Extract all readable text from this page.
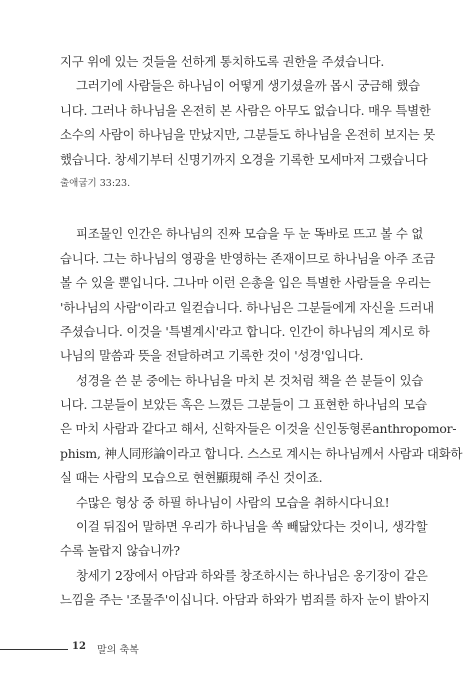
지구 위에 있는 것들을 선하게 통치하도록 권한을 주셨습니다.
그러기에 사람들은 하나님이 어떻게 생기셨을까 몹시 궁금해 했습
니다. 그러나 하나님을 온전히 본 사람은 아무도 없습니다. 매우 특별한
소수의 사람이 하나님을 만났지만, 그분들도 하나님을 온전히 보지는 못
했습니다. 창세기부터 신명기까지 오경을 기록한 모세마저 그랬습니다
출애굽기 33:23.
피조물인 인간은 하나님의 진짜 모습을 두 눈 똑바로 뜨고 볼 수 없
습니다. 그는 하나님의 영광을 반영하는 존재이므로 하나님을 아주 조금
볼 수 있을 뿐입니다. 그나마 이런 은총을 입은 특별한 사람들을 우리는
'하나님의 사람'이라고 일컫습니다. 하나님은 그분들에게 자신을 드러내
주셨습니다. 이것을 '특별계시'라고 합니다. 인간이 하나님의 계시로 하
나님의 말씀과 뜻을 전달하려고 기록한 것이 '성경'입니다.
성경을 쓴 분 중에는 하나님을 마치 본 것처럼 책을 쓴 분들이 있습
니다. 그분들이 보았든 혹은 느꼈든 그분들이 그 표현한 하나님의 모습
은 마치 사람과 같다고 해서, 신학자들은 이것을 신인동형론anthropomor-
phism, 神人同形論이라고 합니다. 스스로 계시는 하나님께서 사람과 대화하
실 때는 사람의 모습으로 현현顯現해 주신 것이죠.
수많은 형상 중 하필 하나님이 사람의 모습을 취하시다니요!
이걸 뒤집어 말하면 우리가 하나님을 쏙 빼닮았다는 것이니, 생각할
수록 놀랍지 않습니까?
창세기 2장에서 아담과 하와를 창조하시는 하나님은 옹기장이 같은
느낌을 주는 '조물주'이십니다. 아담과 하와가 범죄를 하자 눈이 밝아지
12 말의 축복
